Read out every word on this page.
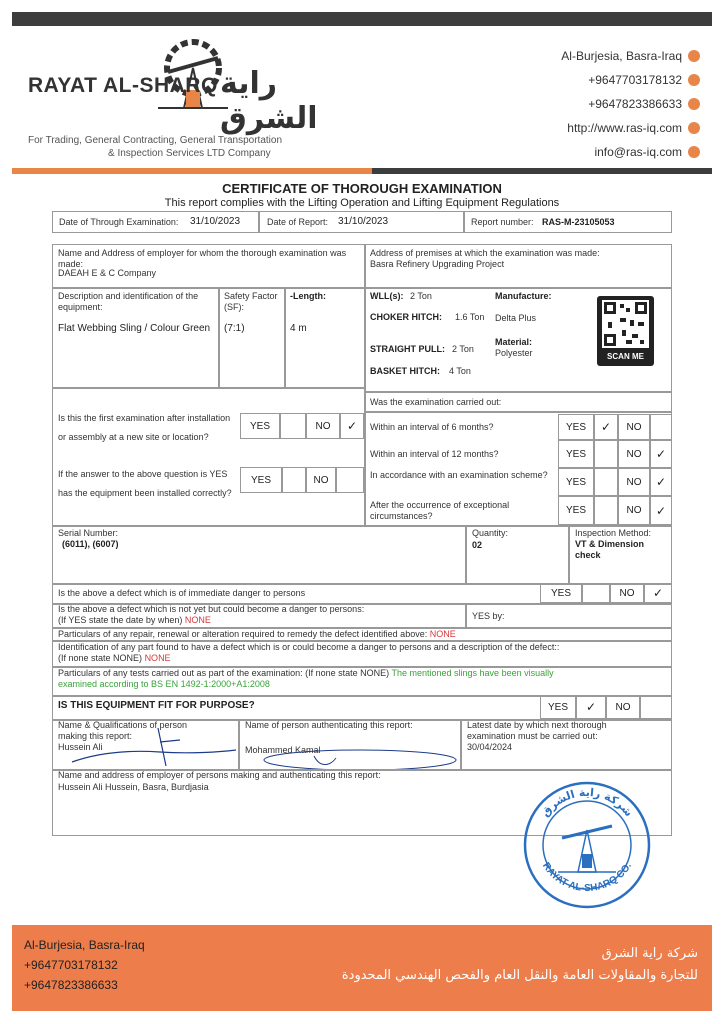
RAYAT AL-SHARQ راية الشرق
For Trading, General Contracting, General Transportation
& Inspection Services LTD Company
Al-Burjesia, Basra-Iraq
+9647703178132
+9647823386633
http://www.ras-iq.com
info@ras-iq.com
CERTIFICATE OF THOROUGH EXAMINATION
This report complies with the Lifting Operation and Lifting Equipment Regulations
Date of Through Examination: 31/10/2023	Date of Report: 31/10/2023	Report number: RAS-M-23105053
Name and Address of employer for whom the thorough examination was made:
DAEAH E & C Company
Address of premises at which the examination was made:
Basra Refinery Upgrading Project
Description and identification of the equipment:
Flat Webbing Sling / Colour Green
Safety Factor (SF):
(7:1)
-Length:
4 m
WLL(s): 2 Ton
CHOKER HITCH: 1.6 Ton
STRAIGHT PULL: 2 Ton
BASKET HITCH: 4 Ton
Manufacture:
Delta Plus
Material:
Polyester	SCAN ME
Is this the first examination after installation or assembly at a new site or location?
YES	NO	✓
If the answer to the above question is YES has the equipment been installed correctly?
YES	NO
Was the examination carried out:
Within an interval of 6 months?	YES	✓	NO
Within an interval of 12 months?	YES	NO	✓
In accordance with an examination scheme?
YES	NO	✓
After the occurrence of exceptional circumstances?	YES	NO	✓
Serial Number:
(6011), (6007)
Quantity:
02
Inspection Method:
VT & Dimension check
Is the above a defect which is of immediate danger to persons	YES	NO	✓
Is the above a defect which is not yet but could become a danger to persons:
(If YES state the date by when) NONE	YES by:
Particulars of any repair, renewal or alteration required to remedy the defect identified above: NONE
Identification of any part found to have a defect which is or could become a danger to persons and a description of the defect::
(If none state NONE) NONE
Particulars of any tests carried out as part of the examination: (If none state NONE) The mentioned slings have been visually
examined according to BS EN 1492-1:2000+A1:2008
IS THIS EQUIPMENT FIT FOR PURPOSE?	YES	✓	NO
Name & Qualifications of person
making this report:
Hussein Ali
Name of person authenticating this report:
Mohammed Kamal
Latest date by which next thorough
examination must be carried out:
30/04/2024
Name and address of employer of persons making and authenticating this report:
Hussein Ali Hussein, Basra, Burdjasia
شركة راية الشرق
RAYAT AL-SHARQ CO.
Al-Burjesia, Basra-Iraq
+9647703178132
+9647823386633
شركة راية الشرق
للتجارة والمقاولات العامة والنقل العام والفحص الهندسي المحدودة
